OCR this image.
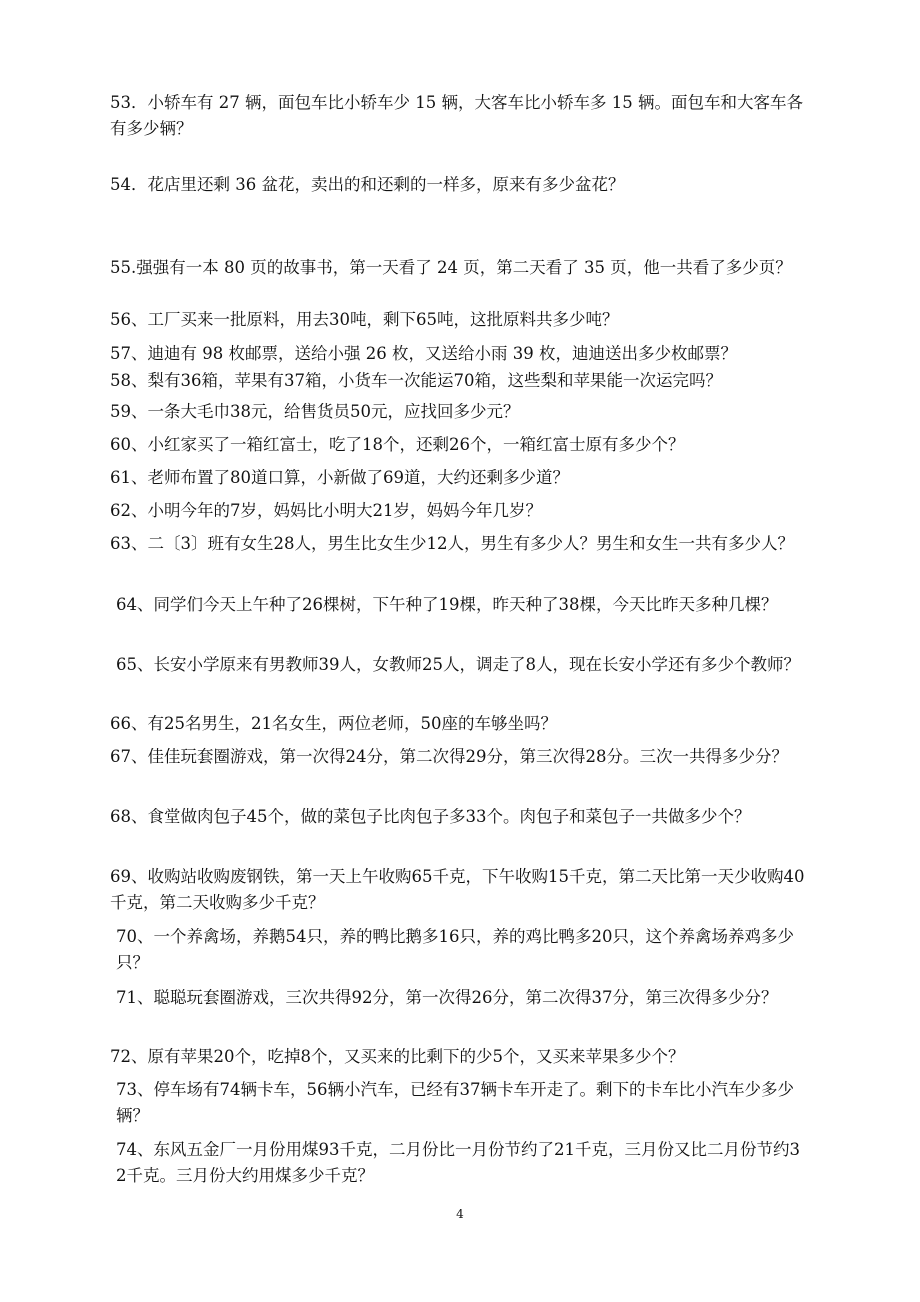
53．小轿车有 27 辆，面包车比小轿车少 15 辆，大客车比小轿车多 15 辆。面包车和大客车各有多少辆？

54．花店里还剩 36 盆花，卖出的和还剩的一样多，原来有多少盆花？

55.强强有一本 80 页的故事书，第一天看了 24 页，第二天看了 35 页，他一共看了多少页？

56、工厂买来一批原料，用去30吨，剩下65吨，这批原料共多少吨？

57、迪迪有 98 枚邮票，送给小强 26 枚，又送给小雨 39 枚，迪迪送出多少枚邮票？

58、梨有36箱，苹果有37箱，小货车一次能运70箱，这些梨和苹果能一次运完吗？

59、一条大毛巾38元，给售货员50元，应找回多少元？

60、小红家买了一箱红富士，吃了18个，还剩26个，一箱红富士原有多少个？

61、老师布置了80道口算，小新做了69道，大约还剩多少道？

62、小明今年的7岁，妈妈比小明大21岁，妈妈今年几岁？

63、二〔3〕班有女生28人，男生比女生少12人，男生有多少人？男生和女生一共有多少人？

64、同学们今天上午种了26棵树，下午种了19棵，昨天种了38棵，今天比昨天多种几棵？

65、长安小学原来有男教师39人，女教师25人，调走了8人，现在长安小学还有多少个教师？

66、有25名男生，21名女生，两位老师，50座的车够坐吗？

67、佳佳玩套圈游戏，第一次得24分，第二次得29分，第三次得28分。三次一共得多少分？

68、食堂做肉包子45个，做的菜包子比肉包子多33个。肉包子和菜包子一共做多少个？

69、收购站收购废钢铁，第一天上午收购65千克，下午收购15千克，第二天比第一天少收购40千克，第二天收购多少千克？

70、一个养禽场，养鹅54只，养的鸭比鹅多16只，养的鸡比鸭多20只，这个养禽场养鸡多少只？

71、聪聪玩套圈游戏，三次共得92分，第一次得26分，第二次得37分，第三次得多少分？

72、原有苹果20个，吃掉8个，又买来的比剩下的少5个，又买来苹果多少个？

73、停车场有74辆卡车，56辆小汽车，已经有37辆卡车开走了。剩下的卡车比小汽车少多少辆？

74、东风五金厂一月份用煤93千克，二月份比一月份节约了21千克，三月份又比二月份节约32千克。三月份大约用煤多少千克？

4
